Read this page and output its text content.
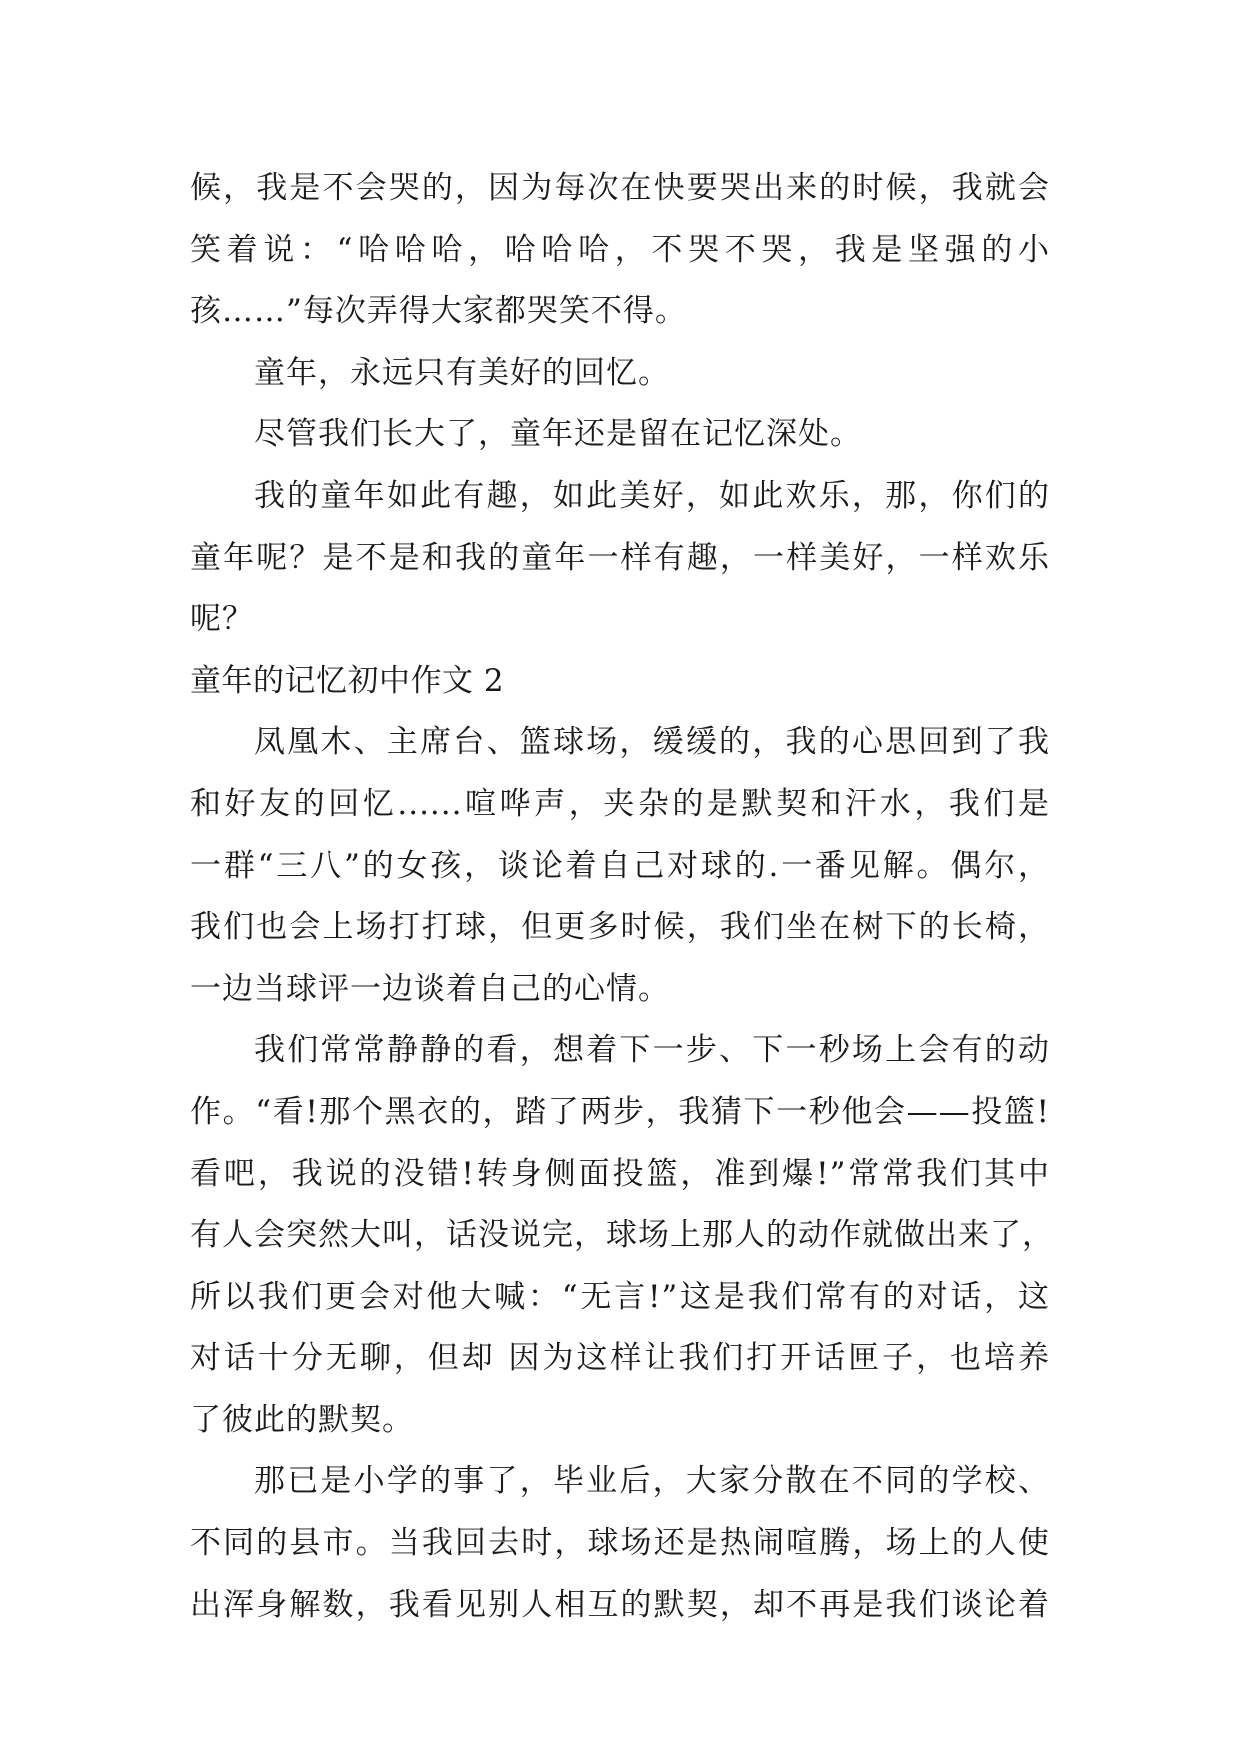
候，我是不会哭的，因为每次在快要哭出来的时候，我就会
笑着说：“哈哈哈，哈哈哈，不哭不哭，我是坚强的小
孩……”每次弄得大家都哭笑不得。
童年，永远只有美好的回忆。
尽管我们长大了，童年还是留在记忆深处。
我的童年如此有趣，如此美好，如此欢乐，那，你们的
童年呢？是不是和我的童年一样有趣，一样美好，一样欢乐
呢？
童年的记忆初中作文 2
凤凰木、主席台、篮球场，缓缓的，我的心思回到了我
和好友的回忆......喧哗声，夹杂的是默契和汗水，我们是
一群“三八”的女孩，谈论着自己对球的.一番见解。偶尔，
我们也会上场打打球，但更多时候，我们坐在树下的长椅，
一边当球评一边谈着自己的心情。
我们常常静静的看，想着下一步、下一秒场上会有的动
作。“看!那个黑衣的，踏了两步，我猜下一秒他会——投篮!
看吧，我说的没错!转身侧面投篮，准到爆!”常常我们其中
有人会突然大叫，话没说完，球场上那人的动作就做出来了，
所以我们更会对他大喊：“无言!”这是我们常有的对话，这
对话十分无聊，但却 因为这样让我们打开话匣子，也培养
了彼此的默契。
那已是小学的事了，毕业后，大家分散在不同的学校、
不同的县市。当我回去时，球场还是热闹喧腾，场上的人使
出浑身解数，我看见别人相互的默契，却不再是我们谈论着
